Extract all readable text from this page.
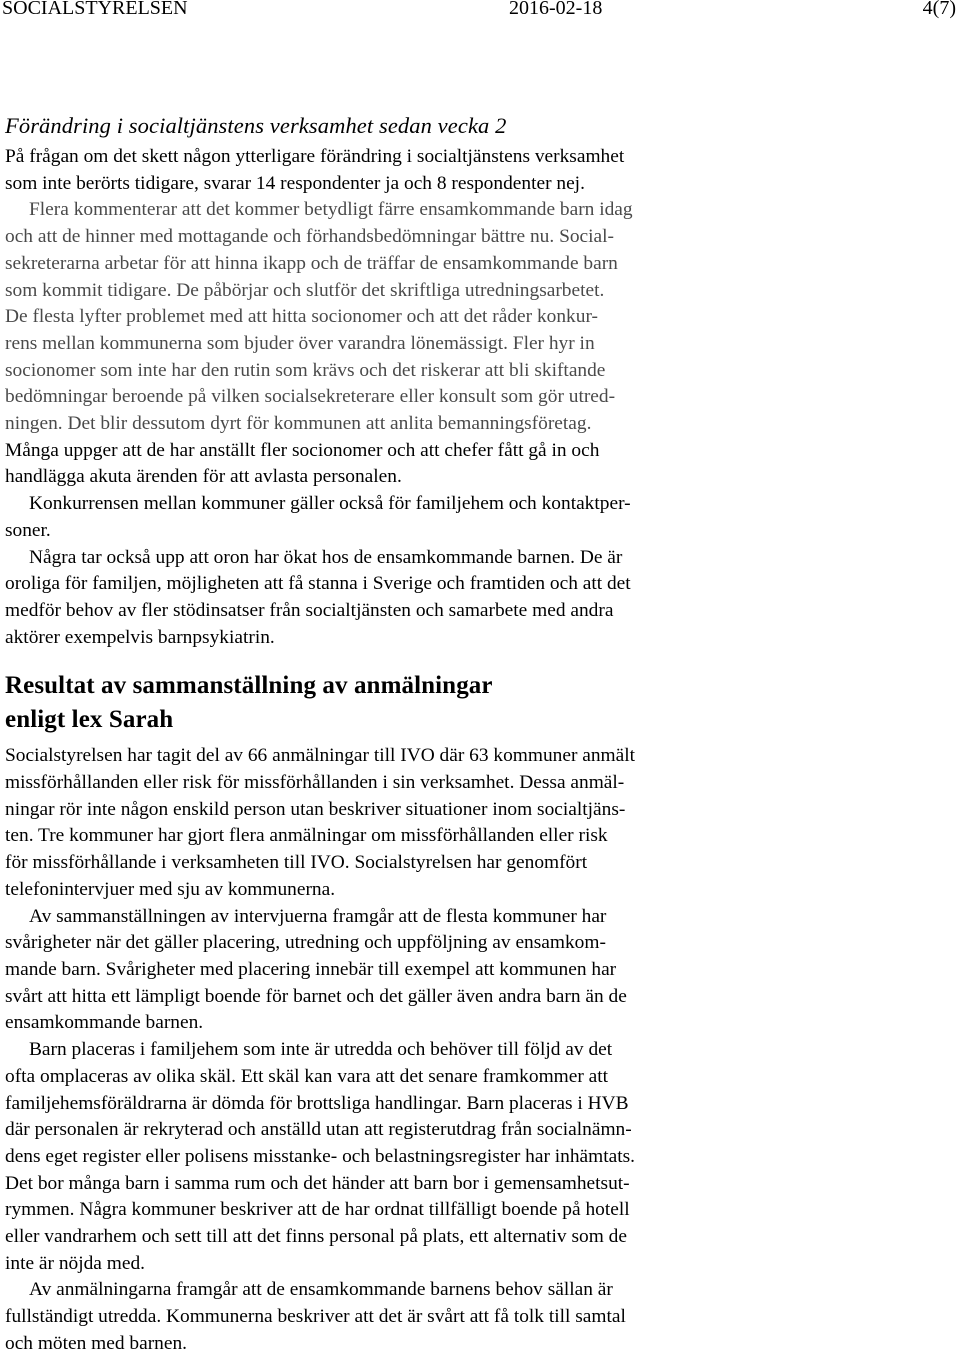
SOCIALSTYRELSEN	2016-02-18	4(7)
Förändring i socialtjänstens verksamhet sedan vecka 2

På frågan om det skett någon ytterligare förändring i socialtjänstens verksamhet
som inte berörts tidigare, svarar 14 respondenter ja och 8 respondenter nej.

Flera kommenterar att det kommer betydligt färre ensamkommande barn idag
och att de hinner med mottagande och förhandsbedömningar bättre nu. Social-
sekreterarna arbetar för att hinna ikapp och de träffar de ensamkommande barn
som kommit tidigare. De påbörjar och slutför det skriftliga utredningsarbetet.

De flesta lyfter problemet med att hitta socionomer och att det råder konkur-
rens mellan kommunerna som bjuder över varandra lönemässigt. Fler hyr in
socionomer som inte har den rutin som krävs och det riskerar att bli skiftande
bedömningar beroende på vilken socialsekreterare eller konsult som gör utred-
ningen. Det blir dessutom dyrt för kommunen att anlita bemanningsföretag.

Många uppger att de har anställt fler socionomer och att chefer fått gå in och
handlägga akuta ärenden för att avlasta personalen.

Konkurrensen mellan kommuner gäller också för familjehem och kontaktper-
soner.

Några tar också upp att oron har ökat hos de ensamkommande barnen. De är
oroliga för familjen, möjligheten att få stanna i Sverige och framtiden och att det
medför behov av fler stödinsatser från socialtjänsten och samarbete med andra
aktörer exempelvis barnpsykiatrin.

Resultat av sammanställning av anmälningar
enligt lex Sarah

Socialstyrelsen har tagit del av 66 anmälningar till IVO där 63 kommuner anmält
missförhållanden eller risk för missförhållanden i sin verksamhet. Dessa anmäl-
ningar rör inte någon enskild person utan beskriver situationer inom socialtjäns-
ten. Tre kommuner har gjort flera anmälningar om missförhållanden eller risk
för missförhållande i verksamheten till IVO. Socialstyrelsen har genomfört
telefonintervjuer med sju av kommunerna.

Av sammanställningen av intervjuerna framgår att de flesta kommuner har
svårigheter när det gäller placering, utredning och uppföljning av ensamkom-
mande barn. Svårigheter med placering innebär till exempel att kommunen har
svårt att hitta ett lämpligt boende för barnet och det gäller även andra barn än de
ensamkommande barnen.

Barn placeras i familjehem som inte är utredda och behöver till följd av det
ofta omplaceras av olika skäl. Ett skäl kan vara att det senare framkommer att
familjehemsföräldrarna är dömda för brottsliga handlingar. Barn placeras i HVB
där personalen är rekryterad och anställd utan att registerutdrag från socialnämn-
dens eget register eller polisens misstanke- och belastningsregister har inhämtats.
Det bor många barn i samma rum och det händer att barn bor i gemensamhetsut-
rymmen. Några kommuner beskriver att de har ordnat tillfälligt boende på hotell
eller vandrarhem och sett till att det finns personal på plats, ett alternativ som de
inte är nöjda med.

Av anmälningarna framgår att de ensamkommande barnens behov sällan är
fullständigt utredda. Kommunerna beskriver att det är svårt att få tolk till samtal
och möten med barnen.
